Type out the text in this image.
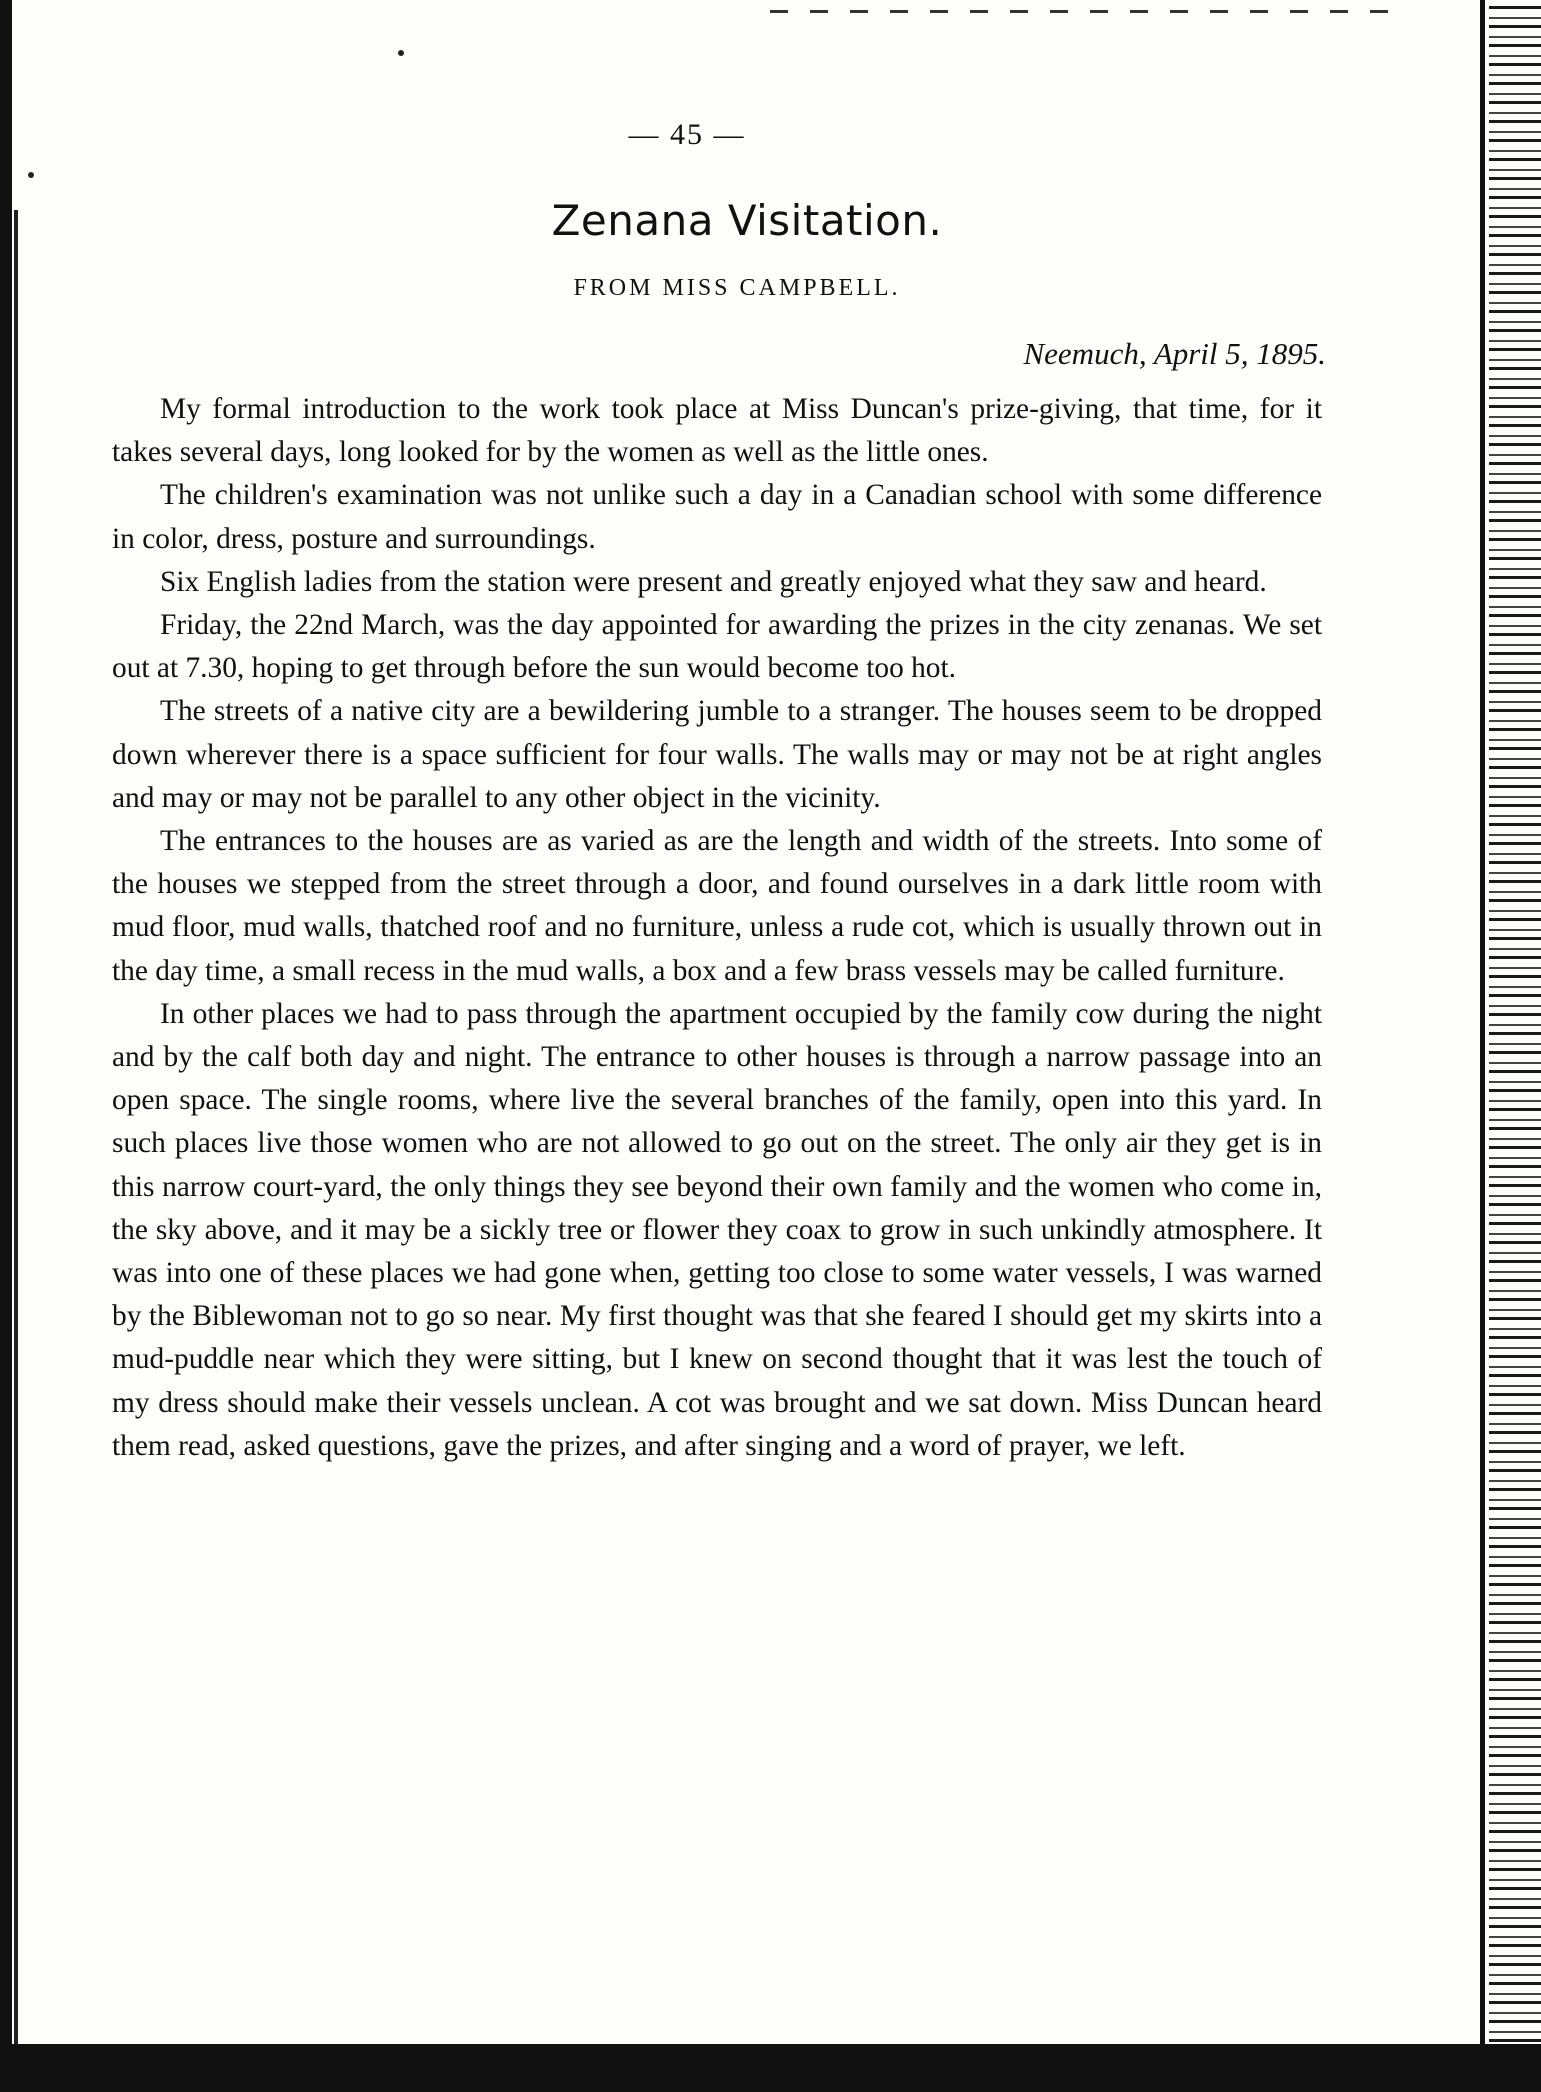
— 45 —
Zenana Visitation.
FROM MISS CAMPBELL.
Neemuch, April 5, 1895.

My formal introduction to the work took place at Miss Duncan's prize-giving, that time, for it takes several days, long looked for by the women as well as the little ones.

The children's examination was not unlike such a day in a Canadian school with some difference in color, dress, posture and surroundings.

Six English ladies from the station were present and greatly enjoyed what they saw and heard.

Friday, the 22nd March, was the day appointed for awarding the prizes in the city zenanas. We set out at 7.30, hoping to get through before the sun would become too hot.

The streets of a native city are a bewildering jumble to a stranger. The houses seem to be dropped down wherever there is a space sufficient for four walls. The walls may or may not be at right angles and may or may not be parallel to any other object in the vicinity.

The entrances to the houses are as varied as are the length and width of the streets. Into some of the houses we stepped from the street through a door, and found ourselves in a dark little room with mud floor, mud walls, thatched roof and no furniture, unless a rude cot, which is usually thrown out in the day time, a small recess in the mud walls, a box and a few brass vessels may be called furniture.

In other places we had to pass through the apartment occupied by the family cow during the night and by the calf both day and night. The entrance to other houses is through a narrow passage into an open space. The single rooms, where live the several branches of the family, open into this yard. In such places live those women who are not allowed to go out on the street. The only air they get is in this narrow court-yard, the only things they see beyond their own family and the women who come in, the sky above, and it may be a sickly tree or flower they coax to grow in such unkindly atmosphere. It was into one of these places we had gone when, getting too close to some water vessels, I was warned by the Biblewoman not to go so near. My first thought was that she feared I should get my skirts into a mud-puddle near which they were sitting, but I knew on second thought that it was lest the touch of my dress should make their vessels unclean. A cot was brought and we sat down. Miss Duncan heard them read, asked questions, gave the prizes, and after singing and a word of prayer, we left.
